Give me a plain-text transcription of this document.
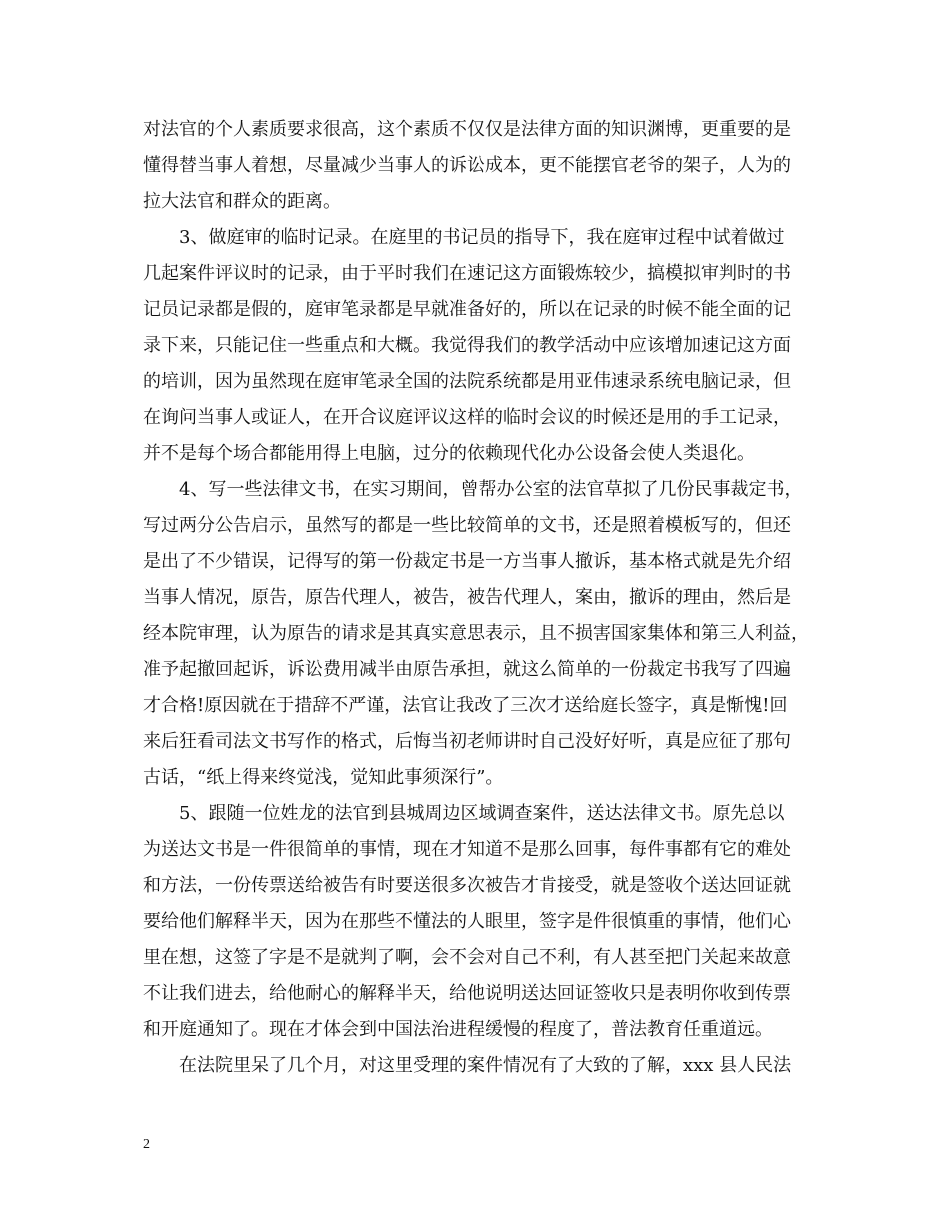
对法官的个人素质要求很高，这个素质不仅仅是法律方面的知识渊博，更重要的是
懂得替当事人着想，尽量减少当事人的诉讼成本，更不能摆官老爷的架子，人为的
拉大法官和群众的距离。
3、做庭审的临时记录。在庭里的书记员的指导下，我在庭审过程中试着做过
几起案件评议时的记录，由于平时我们在速记这方面锻炼较少，搞模拟审判时的书
记员记录都是假的，庭审笔录都是早就准备好的，所以在记录的时候不能全面的记
录下来，只能记住一些重点和大概。我觉得我们的教学活动中应该增加速记这方面
的培训，因为虽然现在庭审笔录全国的法院系统都是用亚伟速录系统电脑记录，但
在询问当事人或证人，在开合议庭评议这样的临时会议的时候还是用的手工记录，
并不是每个场合都能用得上电脑，过分的依赖现代化办公设备会使人类退化。
4、写一些法律文书，在实习期间，曾帮办公室的法官草拟了几份民事裁定书，
写过两分公告启示，虽然写的都是一些比较简单的文书，还是照着模板写的，但还
是出了不少错误，记得写的第一份裁定书是一方当事人撤诉，基本格式就是先介绍
当事人情况，原告，原告代理人，被告，被告代理人，案由，撤诉的理由，然后是
经本院审理，认为原告的请求是其真实意思表示，且不损害国家集体和第三人利益，
准予起撤回起诉，诉讼费用减半由原告承担，就这么简单的一份裁定书我写了四遍
才合格!原因就在于措辞不严谨，法官让我改了三次才送给庭长签字，真是惭愧!回
来后狂看司法文书写作的格式，后悔当初老师讲时自己没好好听，真是应征了那句
古话，“纸上得来终觉浅，觉知此事须深行”。
5、跟随一位姓龙的法官到县城周边区域调查案件，送达法律文书。原先总以
为送达文书是一件很简单的事情，现在才知道不是那么回事，每件事都有它的难处
和方法，一份传票送给被告有时要送很多次被告才肯接受，就是签收个送达回证就
要给他们解释半天，因为在那些不懂法的人眼里，签字是件很慎重的事情，他们心
里在想，这签了字是不是就判了啊，会不会对自己不利，有人甚至把门关起来故意
不让我们进去，给他耐心的解释半天，给他说明送达回证签收只是表明你收到传票
和开庭通知了。现在才体会到中国法治进程缓慢的程度了，普法教育任重道远。
在法院里呆了几个月，对这里受理的案件情况有了大致的了解，xxx 县人民法
2
